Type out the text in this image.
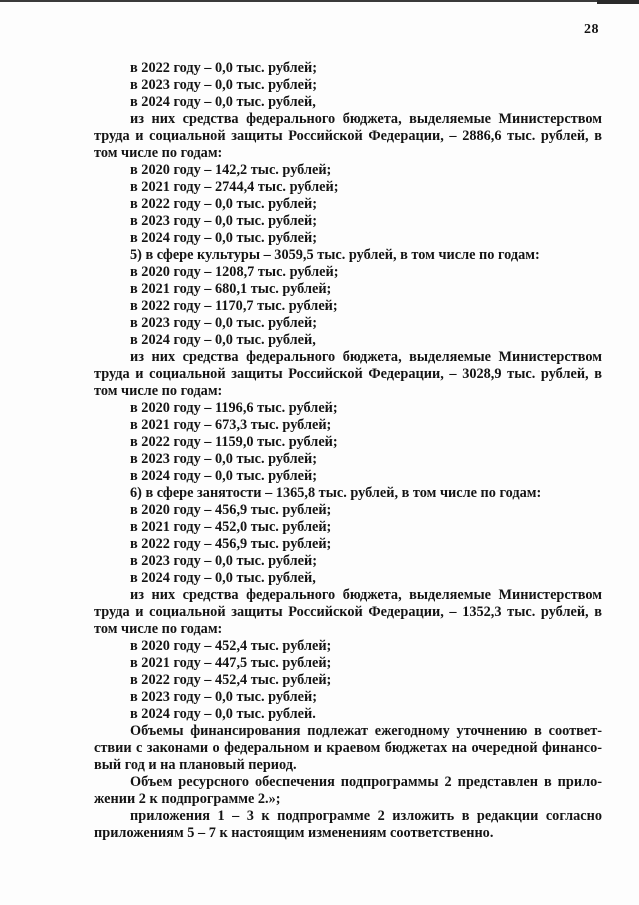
28
в 2022 году – 0,0 тыс. рублей;
в 2023 году – 0,0 тыс. рублей;
в 2024 году – 0,0 тыс. рублей,
из них средства федерального бюджета, выделяемые Министерством
труда и социальной защиты Российской Федерации, – 2886,6 тыс. рублей, в
том числе по годам:
в 2020 году – 142,2 тыс. рублей;
в 2021 году – 2744,4 тыс. рублей;
в 2022 году – 0,0 тыс. рублей;
в 2023 году – 0,0 тыс. рублей;
в 2024 году – 0,0 тыс. рублей;
5) в сфере культуры – 3059,5 тыс. рублей, в том числе по годам:
в 2020 году – 1208,7 тыс. рублей;
в 2021 году – 680,1 тыс. рублей;
в 2022 году – 1170,7 тыс. рублей;
в 2023 году – 0,0 тыс. рублей;
в 2024 году – 0,0 тыс. рублей,
из них средства федерального бюджета, выделяемые Министерством
труда и социальной защиты Российской Федерации, – 3028,9 тыс. рублей, в
том числе по годам:
в 2020 году – 1196,6 тыс. рублей;
в 2021 году – 673,3 тыс. рублей;
в 2022 году – 1159,0 тыс. рублей;
в 2023 году – 0,0 тыс. рублей;
в 2024 году – 0,0 тыс. рублей;
6) в сфере занятости – 1365,8 тыс. рублей, в том числе по годам:
в 2020 году – 456,9 тыс. рублей;
в 2021 году – 452,0 тыс. рублей;
в 2022 году – 456,9 тыс. рублей;
в 2023 году – 0,0 тыс. рублей;
в 2024 году – 0,0 тыс. рублей,
из них средства федерального бюджета, выделяемые Министерством
труда и социальной защиты Российской Федерации, – 1352,3 тыс. рублей, в
том числе по годам:
в 2020 году – 452,4 тыс. рублей;
в 2021 году – 447,5 тыс. рублей;
в 2022 году – 452,4 тыс. рублей;
в 2023 году – 0,0 тыс. рублей;
в 2024 году – 0,0 тыс. рублей.
Объемы финансирования подлежат ежегодному уточнению в соответ-
ствии с законами о федеральном и краевом бюджетах на очередной финансо-
вый год и на плановый период.
Объем ресурсного обеспечения подпрограммы 2 представлен в прило-
жении 2 к подпрограмме 2.»;
приложения 1 – 3 к подпрограмме 2 изложить в редакции согласно
приложениям 5 – 7 к настоящим изменениям соответственно.
